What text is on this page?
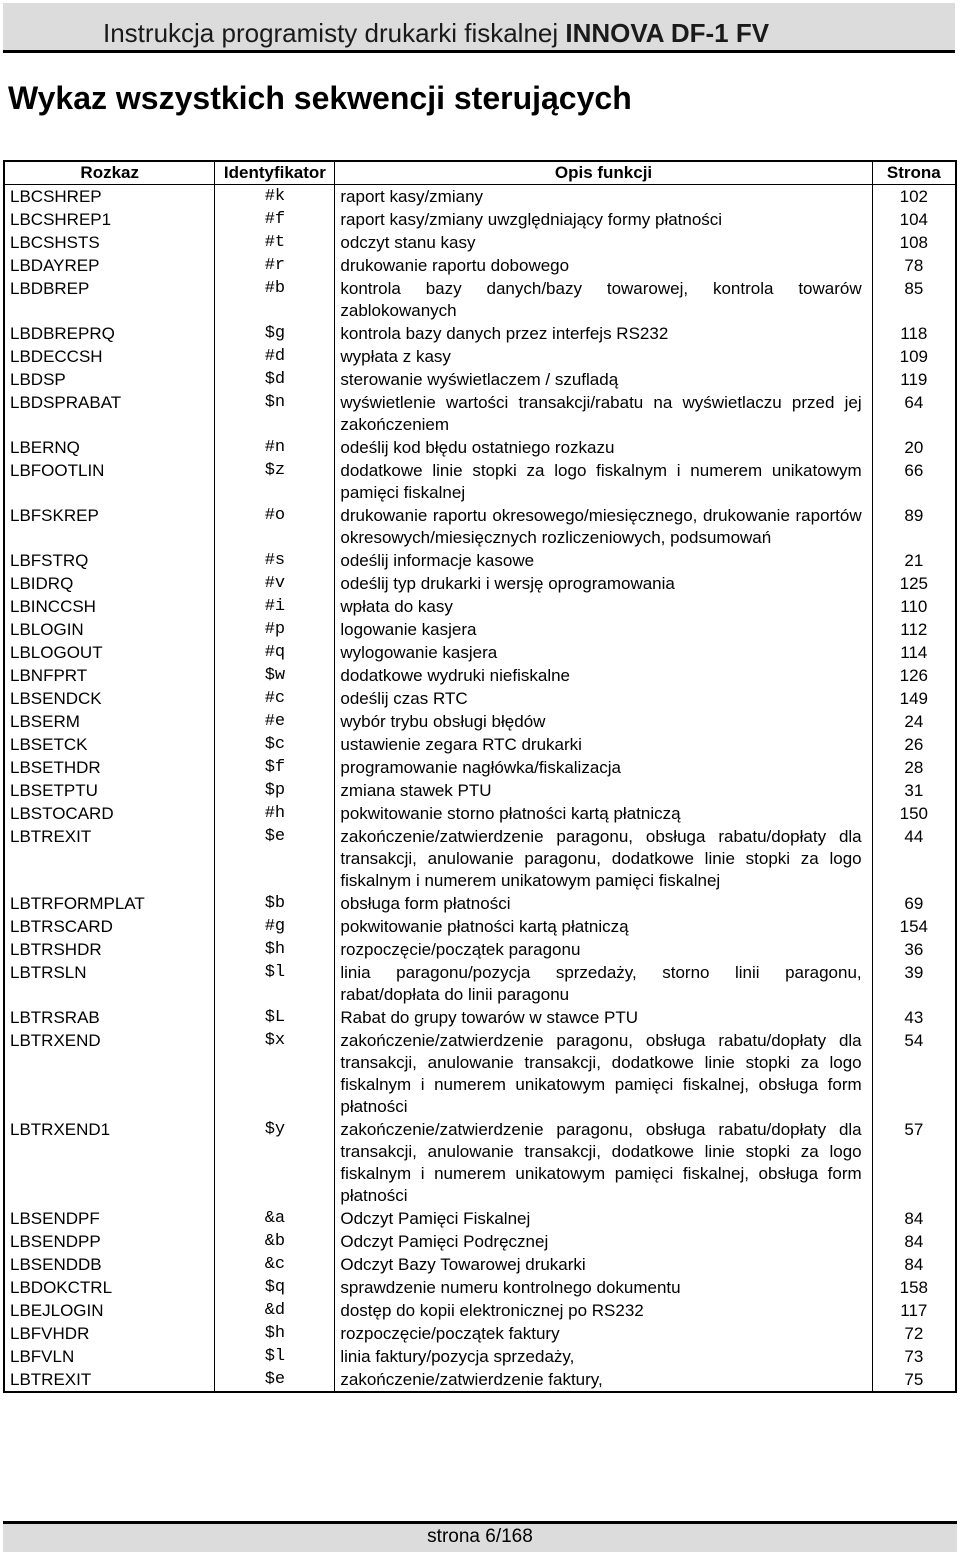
Instrukcja programisty drukarki fiskalnej INNOVA DF-1 FV
Wykaz wszystkich sekwencji sterujących
Rozkaz	Identyfikator	Opis funkcji	Strona
LBCSHREP	#k	raport kasy/zmiany	102
LBCSHREP1	#f	raport kasy/zmiany uwzględniający formy płatności	104
LBCSHSTS	#t	odczyt stanu kasy	108
LBDAYREP	#r	drukowanie raportu dobowego	78
LBDBREP	#b	kontrola bazy danych/bazy towarowej, kontrola towarów zablokowanych	85
LBDBREPRQ	$g	kontrola bazy danych przez interfejs RS232	118
LBDECCSH	#d	wypłata z kasy	109
LBDSP	$d	sterowanie wyświetlaczem / szufladą	119
LBDSPRABAT	$n	wyświetlenie wartości transakcji/rabatu na wyświetlaczu przed jej zakończeniem	64
LBERNQ	#n	odeślij kod błędu ostatniego rozkazu	20
LBFOOTLIN	$z	dodatkowe linie stopki za logo fiskalnym i numerem unikatowym pamięci fiskalnej	66
LBFSKREP	#o	drukowanie raportu okresowego/miesięcznego, drukowanie raportów okresowych/miesięcznych rozliczeniowych, podsumowań	89
LBFSTRQ	#s	odeślij informacje kasowe	21
LBIDRQ	#v	odeślij typ drukarki i wersję oprogramowania	125
LBINCCSH	#i	wpłata do kasy	110
LBLOGIN	#p	logowanie kasjera	112
LBLOGOUT	#q	wylogowanie kasjera	114
LBNFPRT	$w	dodatkowe wydruki niefiskalne	126
LBSENDCK	#c	odeślij czas RTC	149
LBSERM	#e	wybór trybu obsługi błędów	24
LBSETCK	$c	ustawienie zegara RTC drukarki	26
LBSETHDR	$f	programowanie nagłówka/fiskalizacja	28
LBSETPTU	$p	zmiana stawek PTU	31
LBSTOCARD	#h	pokwitowanie storno płatności kartą płatniczą	150
LBTREXIT	$e	zakończenie/zatwierdzenie paragonu, obsługa rabatu/dopłaty dla transakcji, anulowanie paragonu, dodatkowe linie stopki za logo fiskalnym i numerem unikatowym pamięci fiskalnej	44
LBTRFORMPLAT	$b	obsługa form płatności	69
LBTRSCARD	#g	pokwitowanie płatności kartą płatniczą	154
LBTRSHDR	$h	rozpoczęcie/początek paragonu	36
LBTRSLN	$l	linia paragonu/pozycja sprzedaży, storno linii paragonu, rabat/dopłata do linii paragonu	39
LBTRSRAB	$L	Rabat do grupy towarów w stawce PTU	43
LBTRXEND	$x	zakończenie/zatwierdzenie paragonu, obsługa rabatu/dopłaty dla transakcji, anulowanie transakcji, dodatkowe linie stopki za logo fiskalnym i numerem unikatowym pamięci fiskalnej, obsługa form płatności	54
LBTRXEND1	$y	zakończenie/zatwierdzenie paragonu, obsługa rabatu/dopłaty dla transakcji, anulowanie transakcji, dodatkowe linie stopki za logo fiskalnym i numerem unikatowym pamięci fiskalnej, obsługa form płatności	57
LBSENDPF	&a	Odczyt Pamięci Fiskalnej	84
LBSENDPP	&b	Odczyt Pamięci Podręcznej	84
LBSENDDB	&c	Odczyt Bazy Towarowej drukarki	84
LBDOKCTRL	$q	sprawdzenie numeru kontrolnego dokumentu	158
LBEJLOGIN	&d	dostęp do kopii elektronicznej po RS232	117
LBFVHDR	$h	rozpoczęcie/początek faktury	72
LBFVLN	$l	linia faktury/pozycja sprzedaży,	73
LBTREXIT	$e	zakończenie/zatwierdzenie faktury,	75
strona 6/168
